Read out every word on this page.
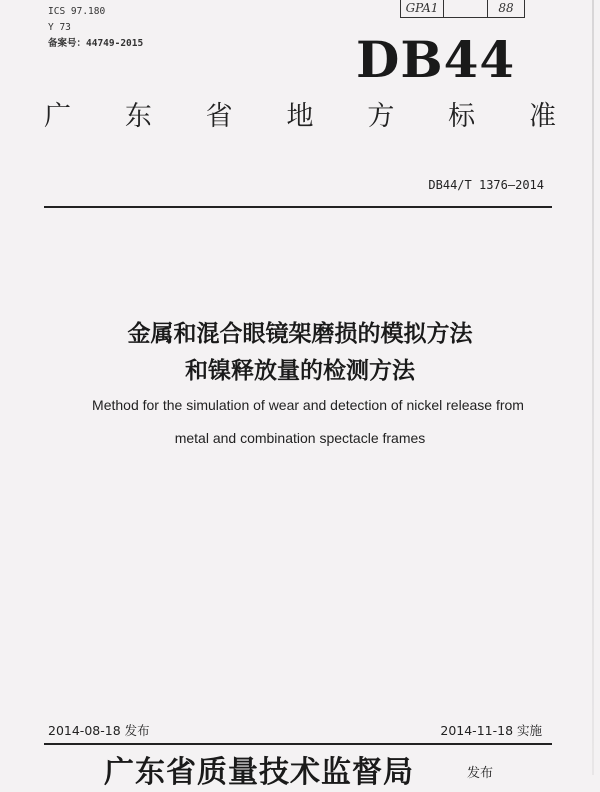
ICS 97.180
Y 73
备案号：44749-2015
GPA1	88
DB44
广 东 省 地 方 标 准
DB44/T 1376—2014
金属和混合眼镜架磨损的模拟方法
和镍释放量的检测方法
Method for the simulation of wear and detection of nickel release from
metal and combination spectacle frames
2014-08-18 发布	2014-11-18 实施
广东省质量技术监督局	发布
